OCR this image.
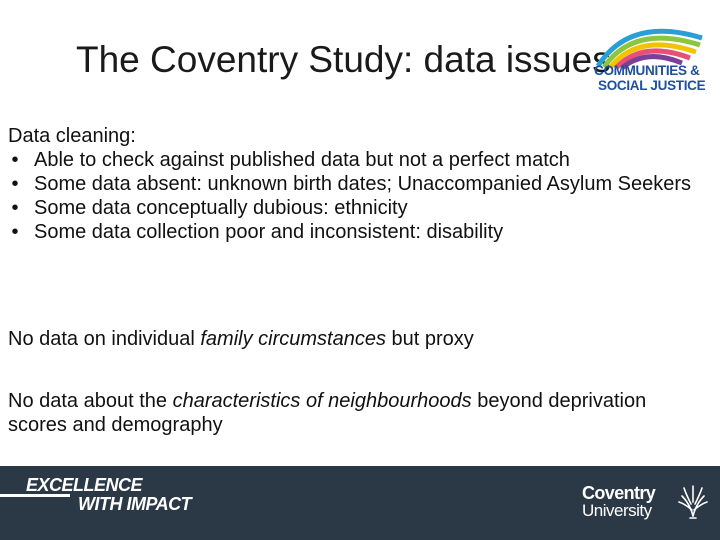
The Coventry Study: data issues
COMMUNITIES &
SOCIAL JUSTICE
Data cleaning:
• Able to check against published data but not a perfect match
• Some data absent: unknown birth dates; Unaccompanied Asylum Seekers
• Some data conceptually dubious: ethnicity
• Some data collection poor and inconsistent: disability
No data on individual family circumstances but proxy
No data about the characteristics of neighbourhoods beyond deprivation scores and demography
EXCELLENCE
WITH IMPACT
Coventry
University
